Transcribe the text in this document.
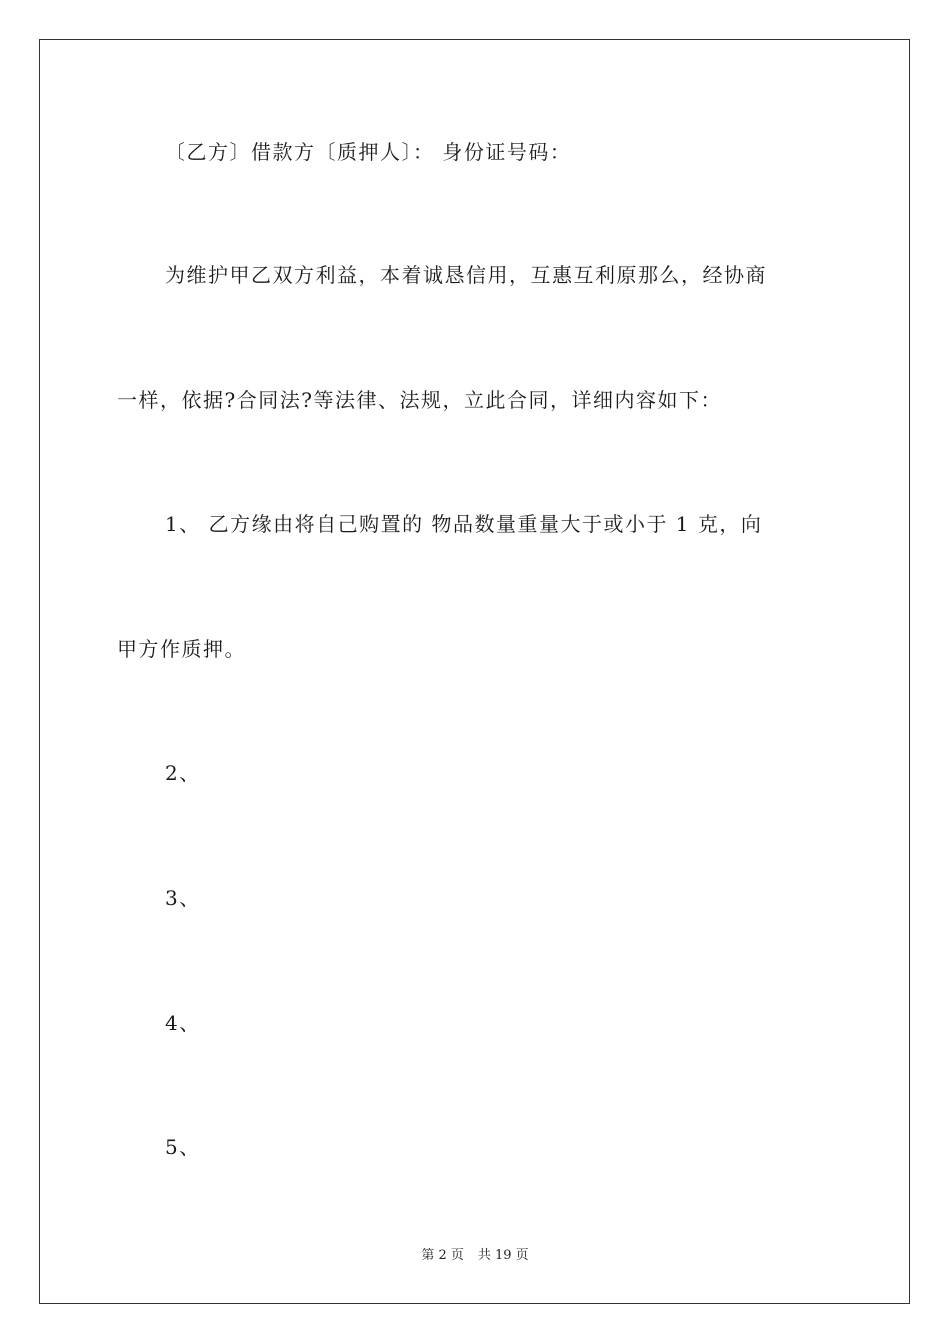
〔乙方〕借款方〔质押人〕： 身份证号码：
为维护甲乙双方利益，本着诚恳信用，互惠互利原那么，经协商
一样，依据?合同法?等法律、法规，立此合同，详细内容如下：
1、 乙方缘由将自己购置的 物品数量重量大于或小于 1 克，向
甲方作质押。
2、
3、
4、
5、
第 2 页 共 19 页
